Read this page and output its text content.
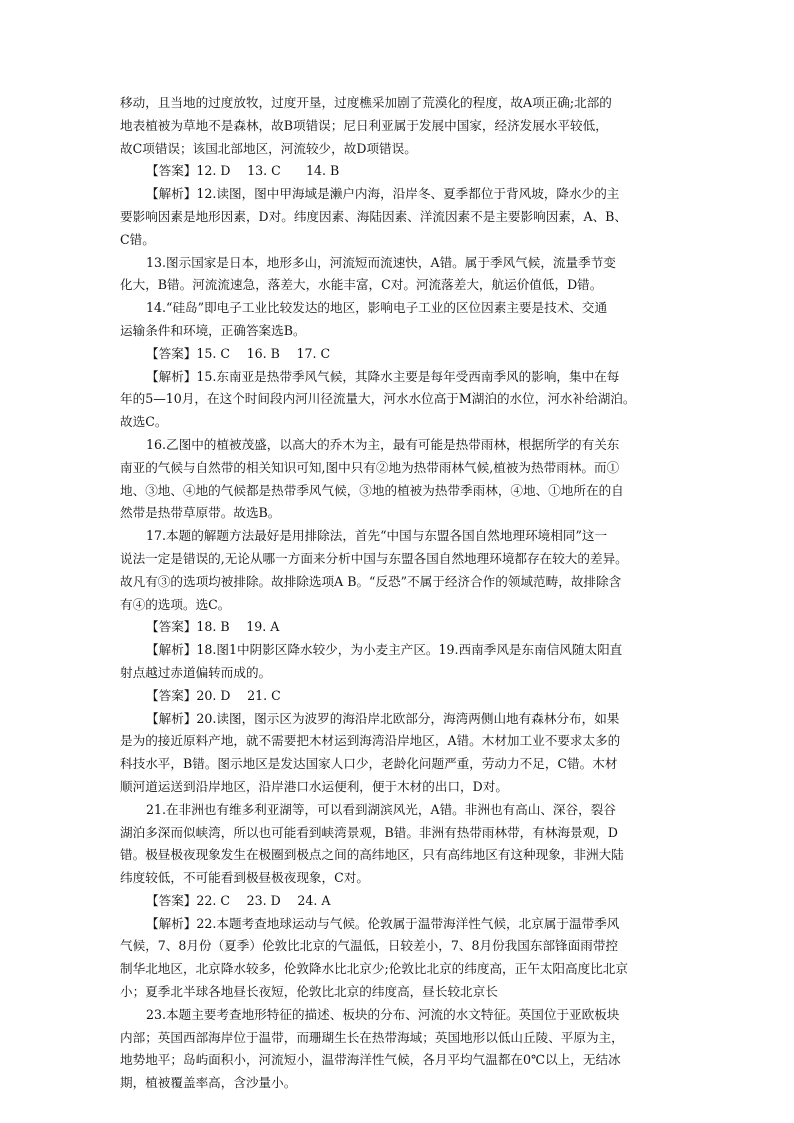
移动，且当地的过度放牧，过度开垦，过度樵采加剧了荒漠化的程度，故A项正确;北部的
地表植被为草地不是森林，故B项错误；尼日利亚属于发展中国家，经济发展水平较低，
故C项错误；该国北部地区，河流较少，故D项错误。
【答案】12. D　 13. C　　14. B
【解析】12.读图，图中甲海域是濑户内海，沿岸冬、夏季都位于背风坡，降水少的主
要影响因素是地形因素，D对。纬度因素、海陆因素、洋流因素不是主要影响因素，A、B、
C错。
13.图示国家是日本，地形多山，河流短而流速快，A错。属于季风气候，流量季节变
化大，B错。河流流速急，落差大，水能丰富，C对。河流落差大，航运价值低，D错。
14.“硅岛”即电子工业比较发达的地区，影响电子工业的区位因素主要是技术、交通
运输条件和环境，正确答案选B。
【答案】15. C　 16. B　 17. C
【解析】15.东南亚是热带季风气候，其降水主要是每年受西南季风的影响，集中在每
年的5—10月，在这个时间段内河川径流量大，河水水位高于M湖泊的水位，河水补给湖泊。
故选C。
16.乙图中的植被茂盛，以高大的乔木为主，最有可能是热带雨林，根据所学的有关东
南亚的气候与自然带的相关知识可知,图中只有②地为热带雨林气候,植被为热带雨林。而①
地、③地、④地的气候都是热带季风气候，③地的植被为热带季雨林，④地、①地所在的自
然带是热带草原带。故选B。
17.本题的解题方法最好是用排除法，首先“中国与东盟各国自然地理环境相同”这一
说法一定是错误的,无论从哪一方面来分析中国与东盟各国自然地理环境都存在较大的差异。
故凡有③的选项均被排除。故排除选项A B。“反恐”不属于经济合作的领域范畴，故排除含
有④的选项。选C。
【答案】18. B　 19. A
【解析】18.图1中阴影区降水较少，为小麦主产区。19.西南季风是东南信风随太阳直
射点越过赤道偏转而成的。
【答案】20. D　 21. C
【解析】20.读图，图示区为波罗的海沿岸北欧部分，海湾两侧山地有森林分布，如果
是为的接近原料产地，就不需要把木材运到海湾沿岸地区，A错。木材加工业不要求太多的
科技水平，B错。图示地区是发达国家人口少，老龄化问题严重，劳动力不足，C错。木材
顺河道运送到沿岸地区，沿岸港口水运便利，便于木材的出口，D对。
21.在非洲也有维多利亚湖等，可以看到湖滨风光，A错。非洲也有高山、深谷，裂谷
湖泊多深而似峡湾，所以也可能看到峡湾景观，B错。非洲有热带雨林带，有林海景观，D
错。极昼极夜现象发生在极圈到极点之间的高纬地区，只有高纬地区有这种现象，非洲大陆
纬度较低，不可能看到极昼极夜现象，C对。
【答案】22. C　 23. D　 24. A
【解析】22.本题考查地球运动与气候。伦敦属于温带海洋性气候，北京属于温带季风
气候，7、8月份（夏季）伦敦比北京的气温低，日较差小，7、8月份我国东部锋面雨带控
制华北地区，北京降水较多，伦敦降水比北京少;伦敦比北京的纬度高，正午太阳高度比北京
小；夏季北半球各地昼长夜短，伦敦比北京的纬度高，昼长较北京长
23.本题主要考查地形特征的描述、板块的分布、河流的水文特征。英国位于亚欧板块
内部；英国西部海岸位于温带，而珊瑚生长在热带海域；英国地形以低山丘陵、平原为主，
地势地平；岛屿面积小，河流短小，温带海洋性气候，各月平均气温都在0℃以上，无结冰
期，植被覆盖率高，含沙量小。
